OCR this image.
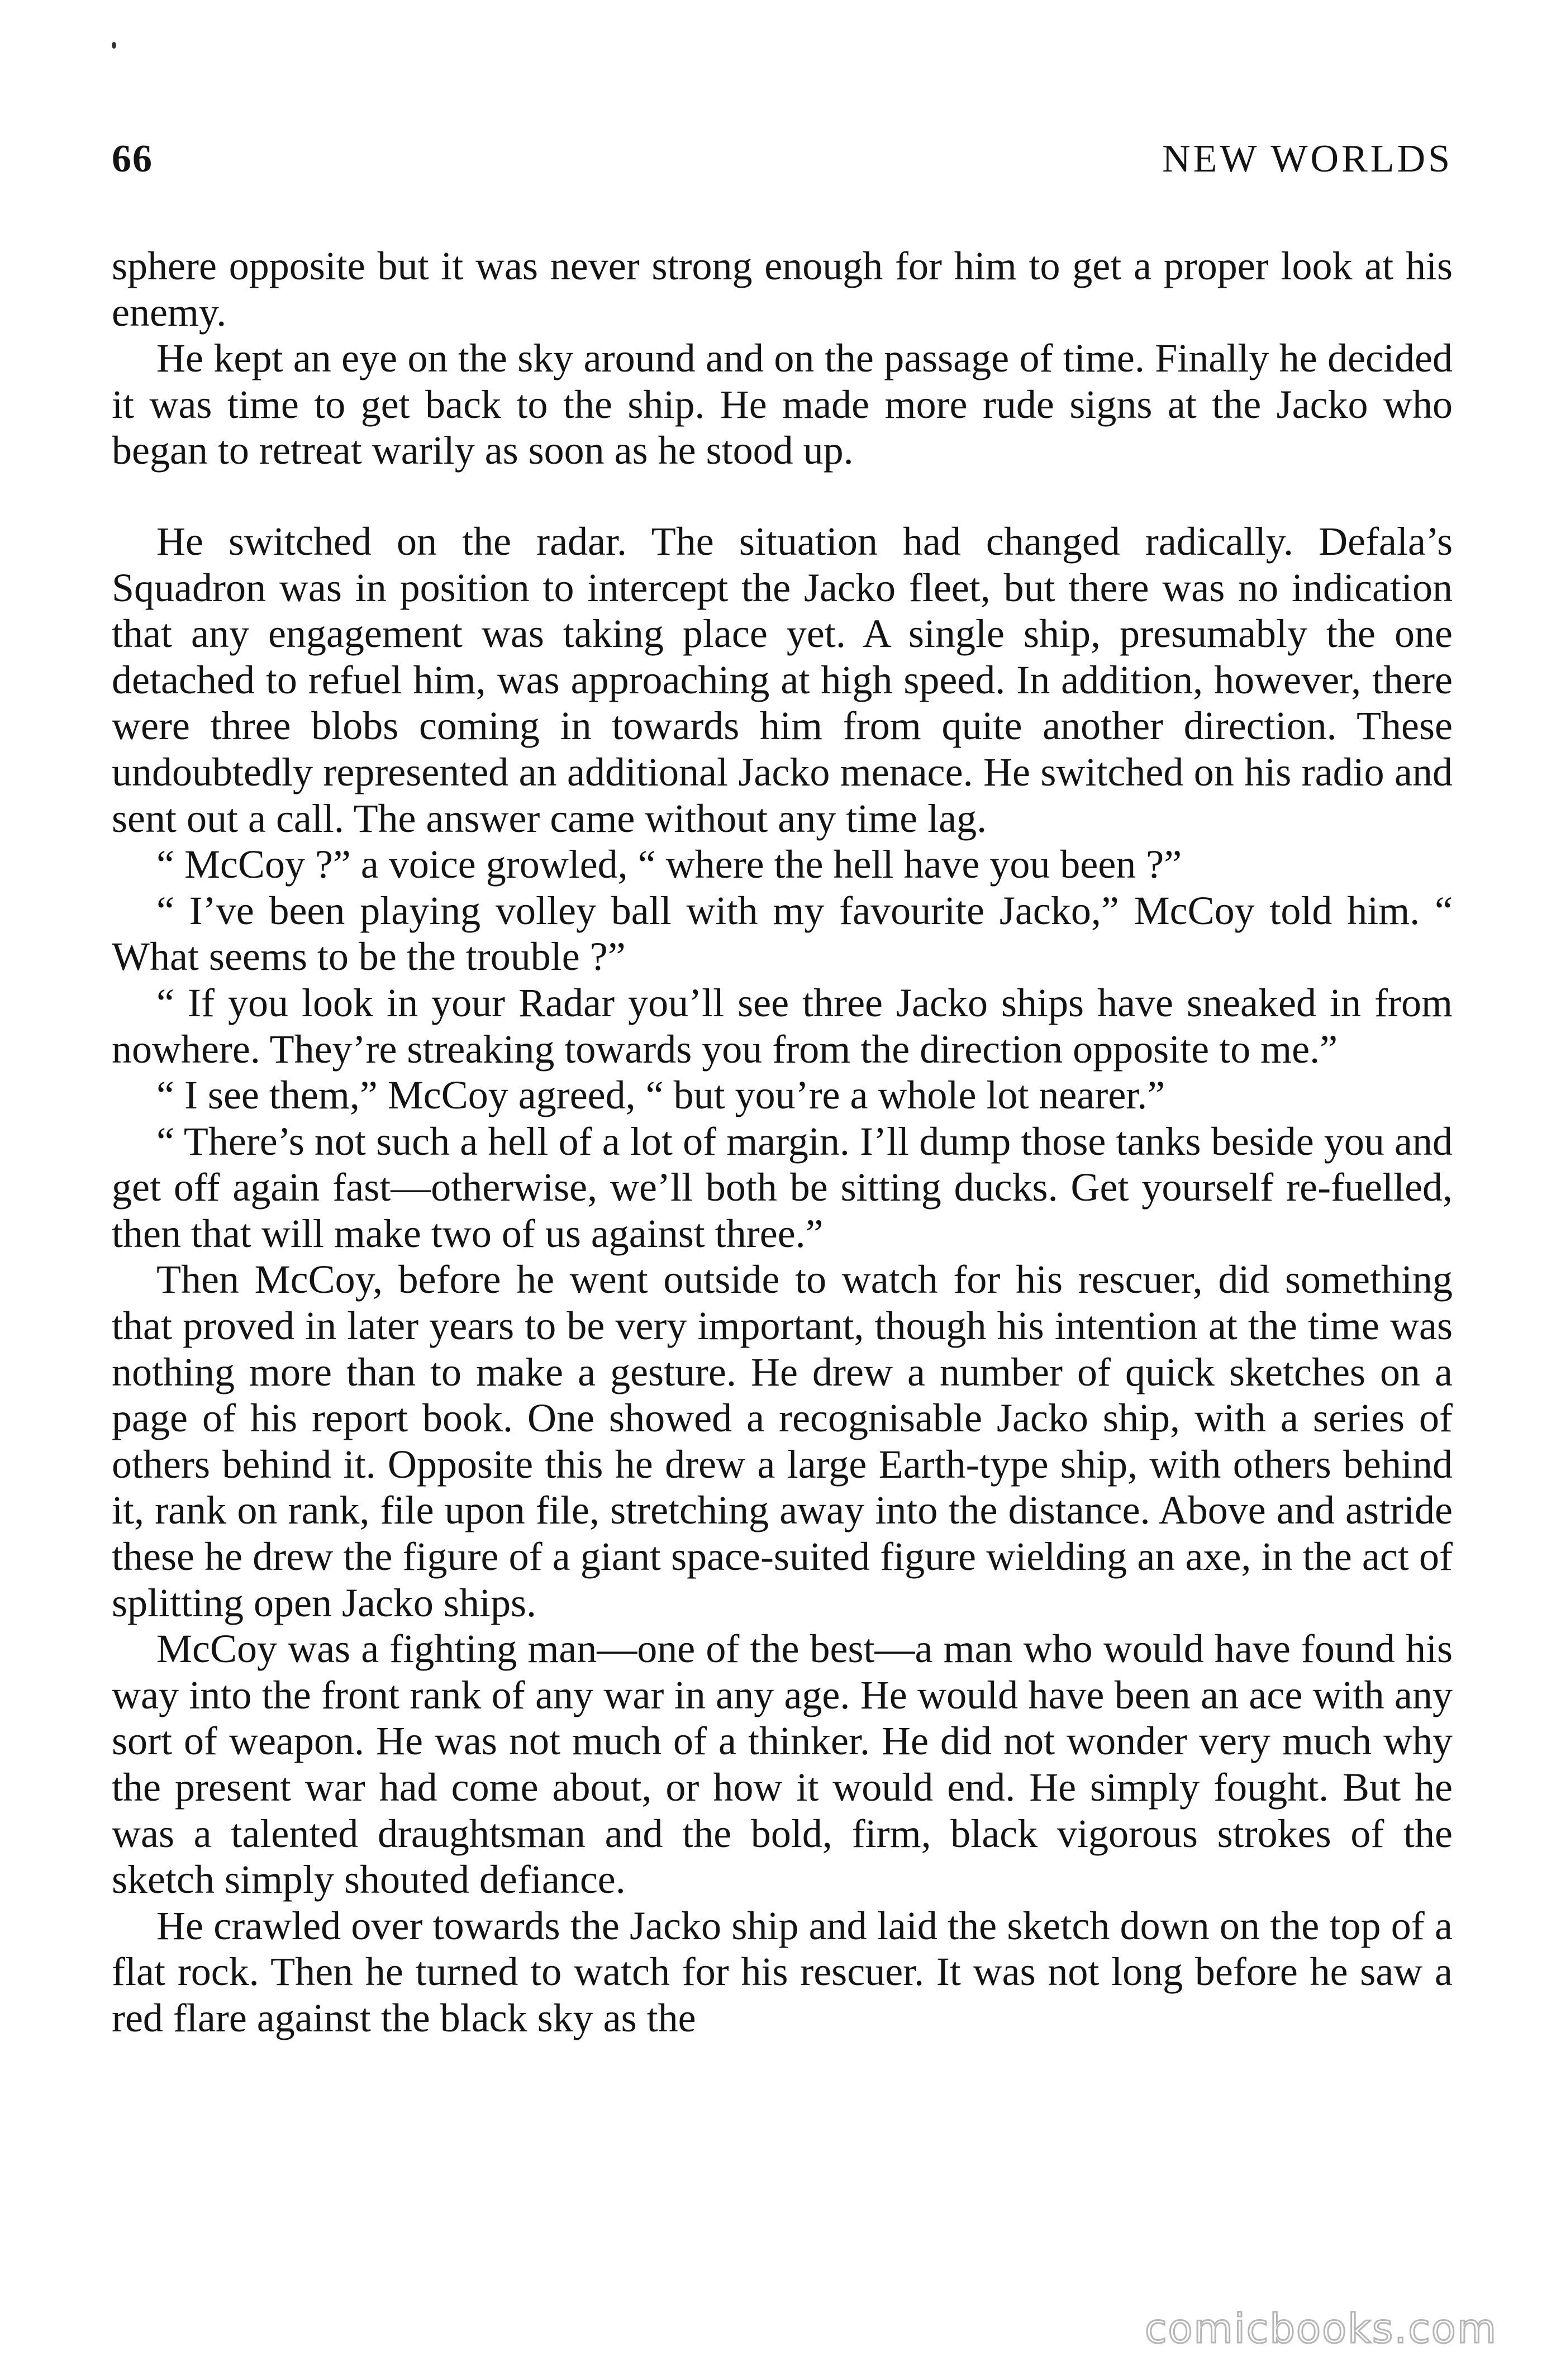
66	NEW WORLDS

sphere opposite but it was never strong enough for him to get a proper look at his enemy.

He kept an eye on the sky around and on the passage of time. Finally he decided it was time to get back to the ship. He made more rude signs at the Jacko who began to retreat warily as soon as he stood up.

He switched on the radar. The situation had changed radically. Defala’s Squadron was in position to intercept the Jacko fleet, but there was no indication that any engagement was taking place yet. A single ship, presumably the one detached to refuel him, was approaching at high speed. In addition, however, there were three blobs coming in towards him from quite another direction. These undoubtedly represented an additional Jacko menace. He switched on his radio and sent out a call. The answer came without any time lag.

“ McCoy ?” a voice growled, “ where the hell have you been ?”

“ I’ve been playing volley ball with my favourite Jacko,” McCoy told him. “ What seems to be the trouble ?”

“ If you look in your Radar you’ll see three Jacko ships have sneaked in from nowhere. They’re streaking towards you from the direction opposite to me.”

“ I see them,” McCoy agreed, “ but you’re a whole lot nearer.”

“ There’s not such a hell of a lot of margin. I’ll dump those tanks beside you and get off again fast—otherwise, we’ll both be sitting ducks. Get yourself re-fuelled, then that will make two of us against three.”

Then McCoy, before he went outside to watch for his rescuer, did something that proved in later years to be very important, though his intention at the time was nothing more than to make a gesture. He drew a number of quick sketches on a page of his report book. One showed a recognisable Jacko ship, with a series of others behind it. Opposite this he drew a large Earth-type ship, with others behind it, rank on rank, file upon file, stretching away into the distance. Above and astride these he drew the figure of a giant space-suited figure wielding an axe, in the act of splitting open Jacko ships.

McCoy was a fighting man—one of the best—a man who would have found his way into the front rank of any war in any age. He would have been an ace with any sort of weapon. He was not much of a thinker. He did not wonder very much why the present war had come about, or how it would end. He simply fought. But he was a talented draughtsman and the bold, firm, black vigorous strokes of the sketch simply shouted defiance.

He crawled over towards the Jacko ship and laid the sketch down on the top of a flat rock. Then he turned to watch for his rescuer. It was not long before he saw a red flare against the black sky as the

comicbooks.com
